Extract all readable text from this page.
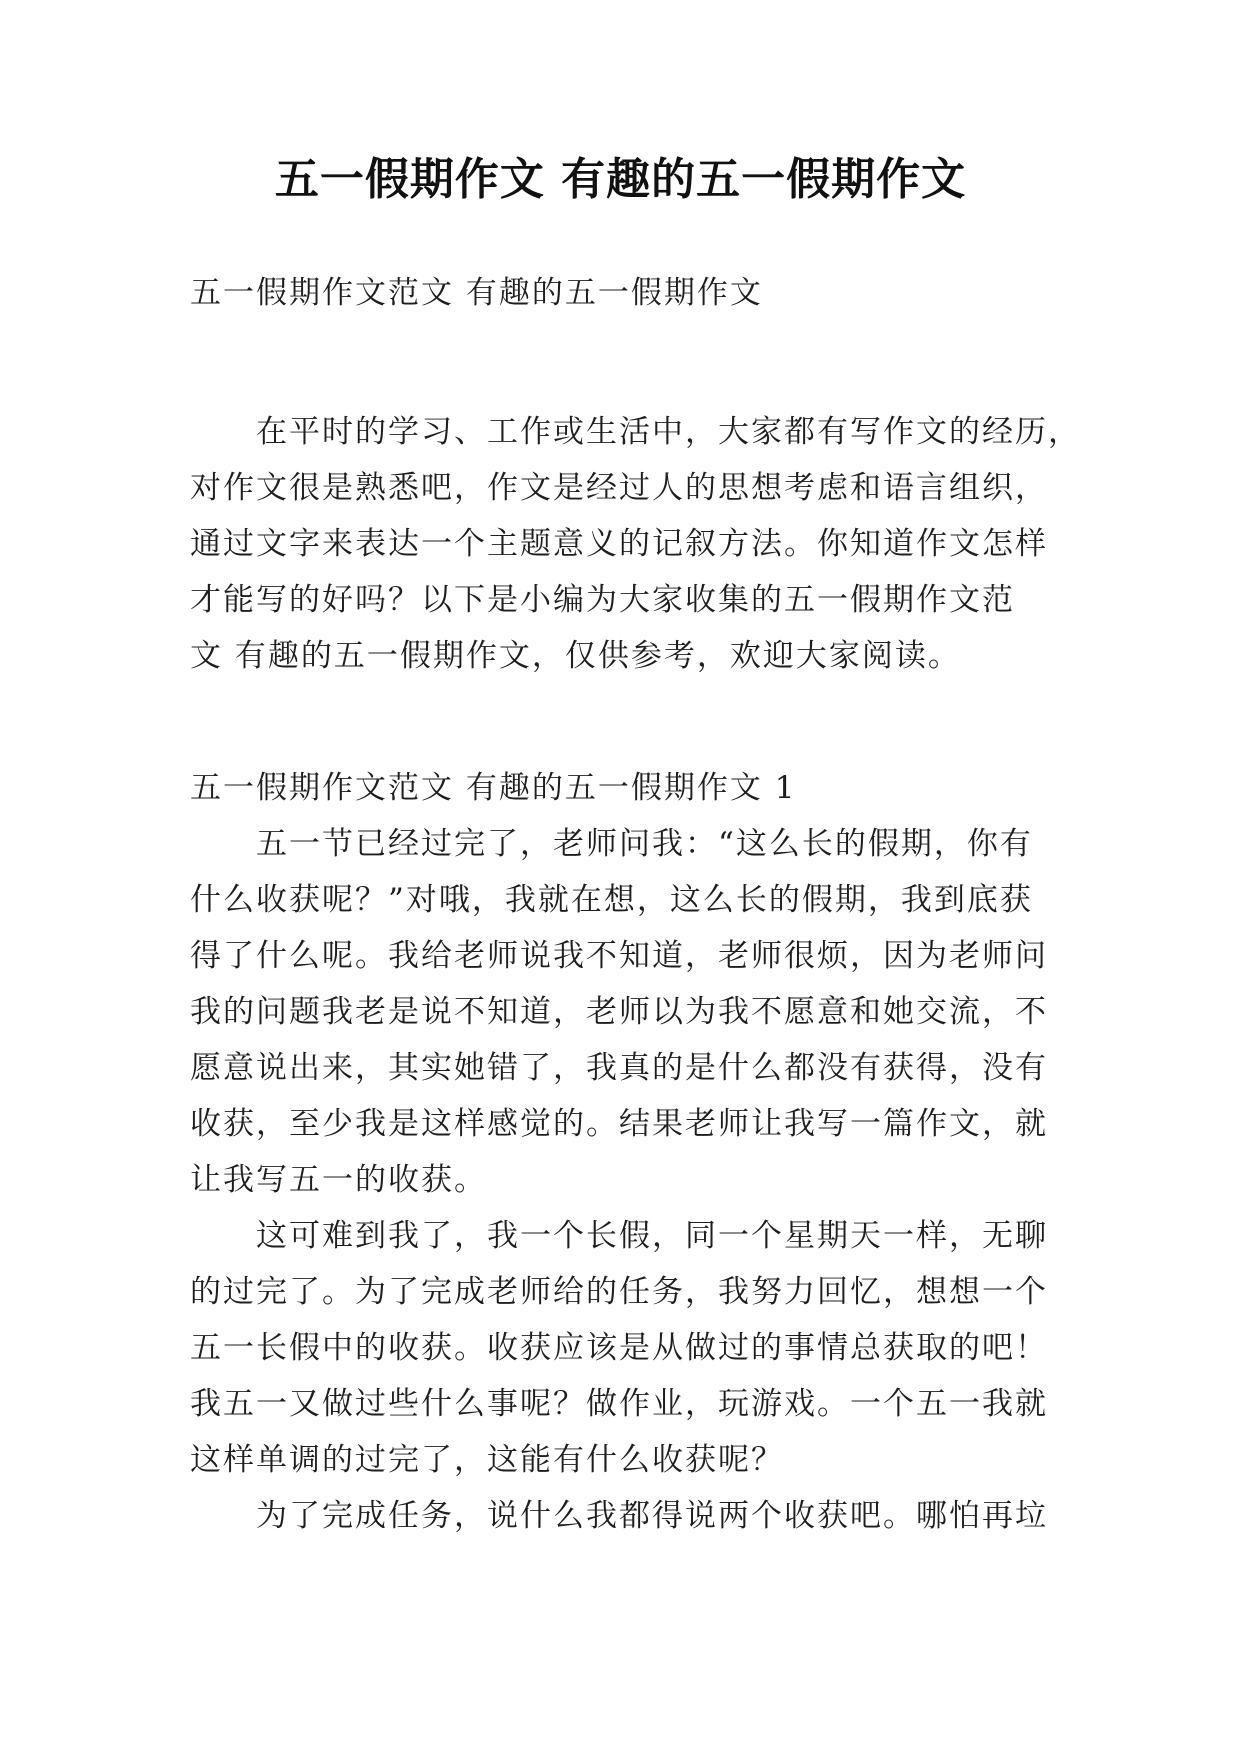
五一假期作文 有趣的五一假期作文
五一假期作文范文 有趣的五一假期作文
在平时的学习、工作或生活中，大家都有写作文的经历，
对作文很是熟悉吧，作文是经过人的思想考虑和语言组织，
通过文字来表达一个主题意义的记叙方法。你知道作文怎样
才能写的好吗？以下是小编为大家收集的五一假期作文范
文 有趣的五一假期作文，仅供参考，欢迎大家阅读。
五一假期作文范文 有趣的五一假期作文 1
五一节已经过完了，老师问我：“这么长的假期，你有
什么收获呢？”对哦，我就在想，这么长的假期，我到底获
得了什么呢。我给老师说我不知道，老师很烦，因为老师问
我的问题我老是说不知道，老师以为我不愿意和她交流，不
愿意说出来，其实她错了，我真的是什么都没有获得，没有
收获，至少我是这样感觉的。结果老师让我写一篇作文，就
让我写五一的收获。
这可难到我了，我一个长假，同一个星期天一样，无聊
的过完了。为了完成老师给的任务，我努力回忆，想想一个
五一长假中的收获。收获应该是从做过的事情总获取的吧！
我五一又做过些什么事呢？做作业，玩游戏。一个五一我就
这样单调的过完了，这能有什么收获呢？
为了完成任务，说什么我都得说两个收获吧。哪怕再垃
